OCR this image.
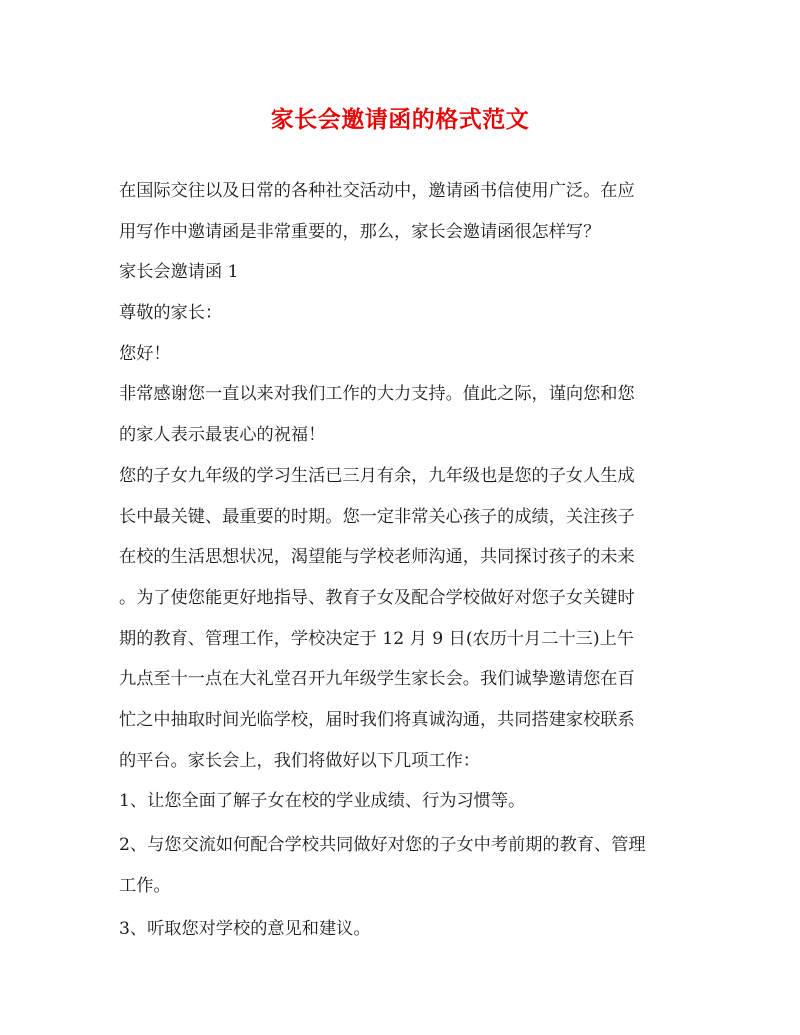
家长会邀请函的格式范文
在国际交往以及日常的各种社交活动中，邀请函书信使用广泛。在应
用写作中邀请函是非常重要的，那么，家长会邀请函很怎样写？
家长会邀请函 1
尊敬的家长：
您好！
非常感谢您一直以来对我们工作的大力支持。值此之际，谨向您和您
的家人表示最衷心的祝福！
您的子女九年级的学习生活已三月有余，九年级也是您的子女人生成
长中最关键、最重要的时期。您一定非常关心孩子的成绩，关注孩子
在校的生活思想状况，渴望能与学校老师沟通，共同探讨孩子的未来
。为了使您能更好地指导、教育子女及配合学校做好对您子女关键时
期的教育、管理工作，学校决定于 12 月 9 日(农历十月二十三)上午
九点至十一点在大礼堂召开九年级学生家长会。我们诚挚邀请您在百
忙之中抽取时间光临学校，届时我们将真诚沟通，共同搭建家校联系
的平台。家长会上，我们将做好以下几项工作：
1、让您全面了解子女在校的学业成绩、行为习惯等。
2、与您交流如何配合学校共同做好对您的子女中考前期的教育、管理
工作。
3、听取您对学校的意见和建议。
